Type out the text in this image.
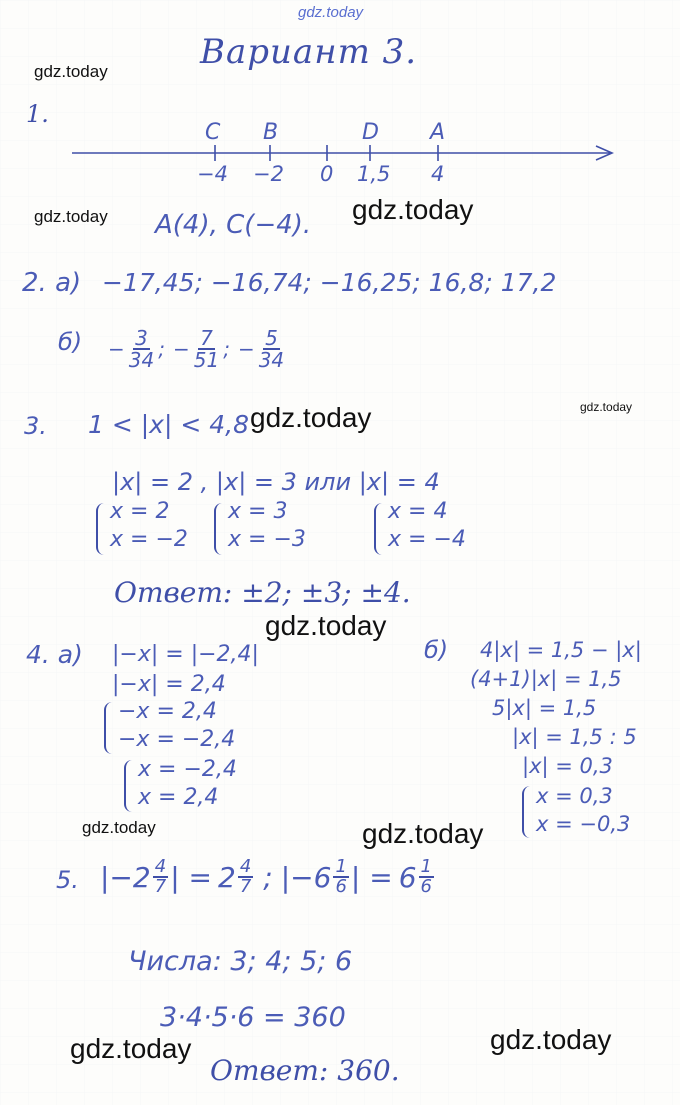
gdz.today
gdz.today
gdz.today	gdz.today
gdz.today	gdz.today
gdz.today
gdz.today	gdz.today
gdz.today	gdz.today
Вариант 3.
1.
C B	D A
−4 −2 0 1,5 4
A(4), C(−4).
2. а) −17,45; −16,74; −16,25; 16,8; 17,2
$б) - \frac{3}{34}$ ; − $\frac{7}{51}$ ; − $\frac{5}{34}$
3. 1 < |x| < 4,8
|x| = 2 , |x| = 3 или |x| = 4
x = 2
x = −2
x = 3
x = −3
x = 4
x = −4
Ответ: ±2; ±3; ±4.
4. а) |−x| = |−2,4|
|−x| = 2,4
−x = 2,4
−x = −2,4
x = −2,4
x = 2,4
б)	4|x| = 1,5 − |x|
(4+1)|x| = 1,5
5|x| = 1,5
|x| = 1,5 : 5
|x| = 0,3
x = 0,3
x = −0,3
5. |− $2 \frac{4}{7}$ | = $2 \frac{4}{7}$ ; |− $6 \frac{1}{6}$ | = $6 \frac{1}{6}$
Числа: 3; 4; 5; 6
3·4·5·6 = 360
Ответ: 360.
